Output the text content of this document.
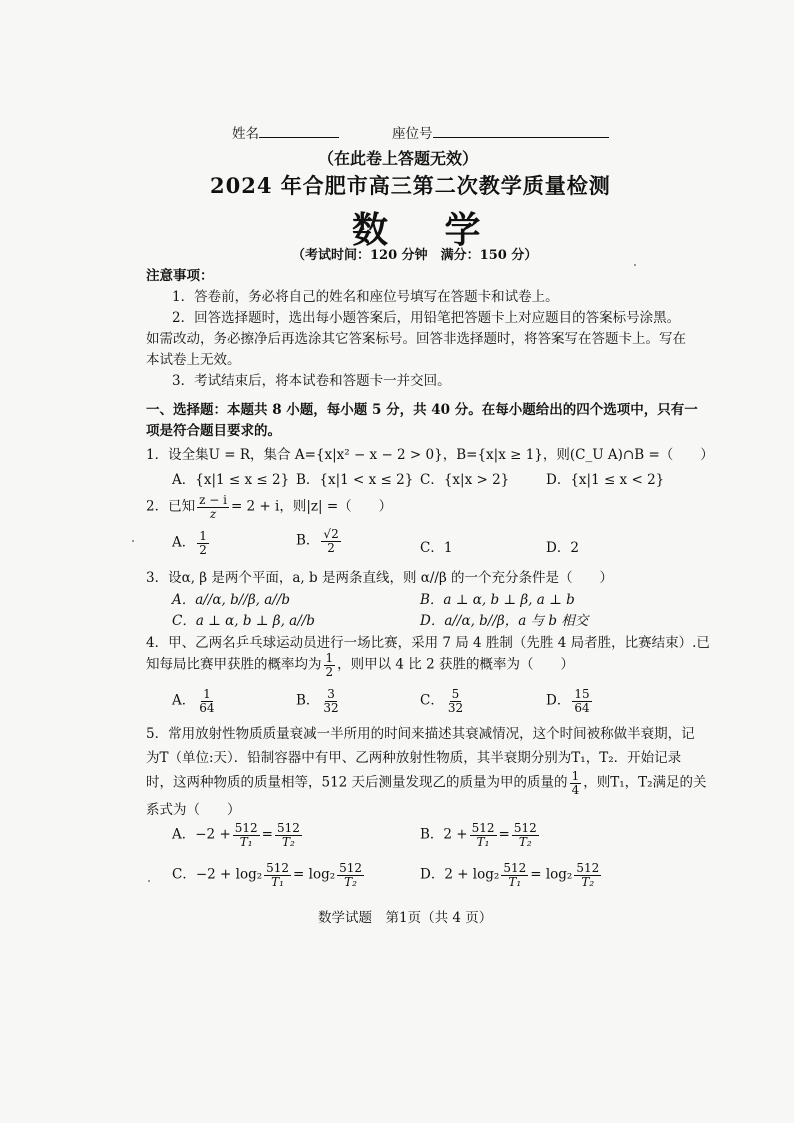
姓名	座位号
（在此卷上答题无效）
2024 年合肥市高三第二次教学质量检测
数 学
（考试时间：120 分钟　满分：150 分）
注意事项：
1．答卷前，务必将自己的姓名和座位号填写在答题卡和试卷上。
2．回答选择题时，选出每小题答案后，用铅笔把答题卡上对应题目的答案标号涂黑。
如需改动，务必擦净后再选涂其它答案标号。回答非选择题时，将答案写在答题卡上。写在
本试卷上无效。
3．考试结束后，将本试卷和答题卡一并交回。
一、选择题：本题共 8 小题，每小题 5 分，共 40 分。在每小题给出的四个选项中，只有一
项是符合题目要求的。
1．设全集U = R，集合 A={x|x² − x − 2 > 0}，B={x|x ≥ 1}，则(C_U A)∩B =（　　）
A．{x|1 ≤ x ≤ 2} B．{x|1 < x ≤ 2} C．{x|x > 2}	D．{x|1 ≤ x < 2}
2．已知 $\frac{z - i}{z} = 2 + i$，则|z| =（　　）
A． $\frac{1}{2}$	B． $\frac{√2}{2}$	C．1	D．2
3．设α, β 是两个平面，a, b 是两条直线，则 α//β 的一个充分条件是（　　）
A．a//α, b//β, a//b	B．a ⊥ α, b ⊥ β, a ⊥ b
C．a ⊥ α, b ⊥ β, a//b	D．a//α, b//β，a 与 b 相交
4．甲、乙两名乒乓球运动员进行一场比赛，采用 7 局 4 胜制（先胜 4 局者胜，比赛结束）.已
知每局比赛甲获胜的概率均为 $\frac{1}{2}$ ，则甲以 4 比 2 获胜的概率为（　　）
A． $\frac{1}{64}$	B． $\frac{3}{32}$	C． $\frac{5}{32}$	D． $\frac{15}{64}$
5．常用放射性物质质量衰减一半所用的时间来描述其衰减情况，这个时间被称做半衰期，记
为T（单位:天）．铅制容器中有甲、乙两种放射性物质，其半衰期分别为T₁，T₂．开始记录
时，这两种物质的质量相等，512 天后测量发现乙的质量为甲的质量的 $\frac{1}{4}$ ，则T₁，T₂满足的关
系式为（　　）
A．$-2 + \frac{512}{\text{T₁}} = \frac{512}{\text{T₂}}$	B．$2 + \frac{512}{\text{T₁}} = \frac{512}{\text{T₂}}$
C．$-2 + \log_2 \frac{512}{\text{T₁}} = \log_2 \frac{512}{\text{T₂}}$	D．$2 + \log_2 \frac{512}{\text{T₁}} = \log_2 \frac{512}{\text{T₂}}$
数学试题　第1页（共 4 页）
